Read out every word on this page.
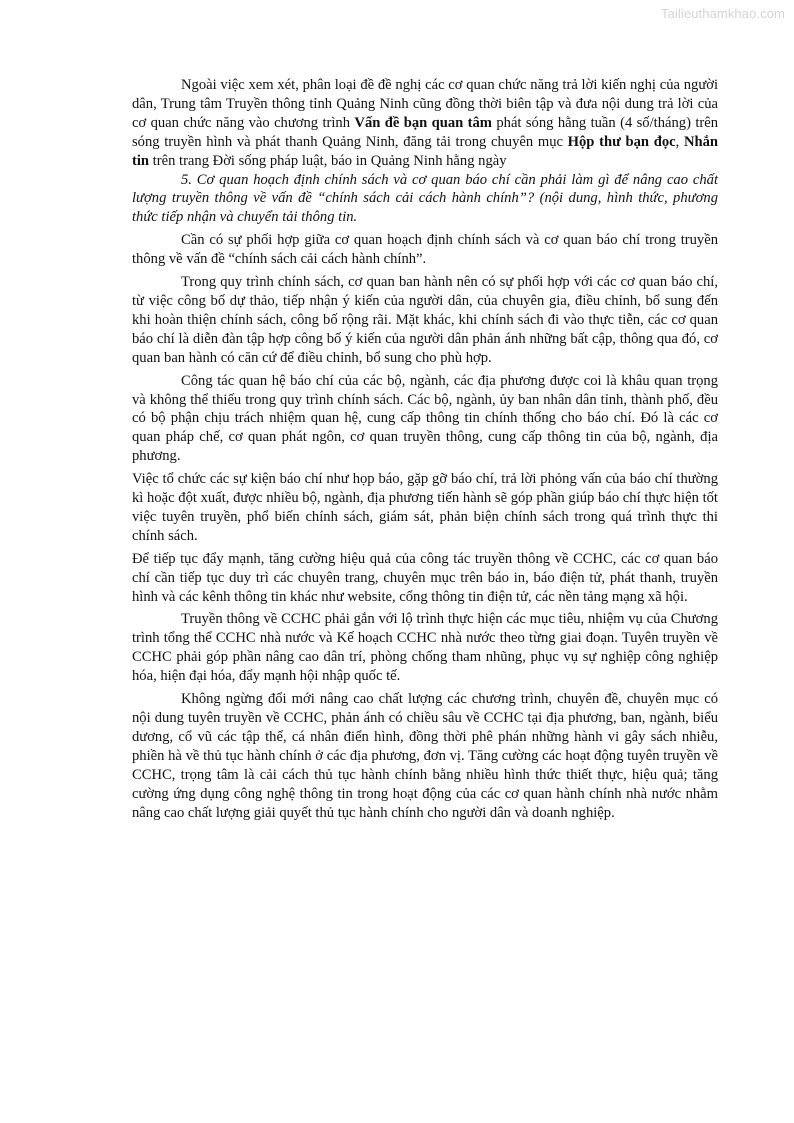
Tailieuthamkhao.com

Ngoài việc xem xét, phân loại đề đề nghị các cơ quan chức năng trả lời kiến nghị của người dân, Trung tâm Truyền thông tỉnh Quảng Ninh cũng đồng thời biên tập và đưa nội dung trả lời của cơ quan chức năng vào chương trình Vấn đề bạn quan tâm phát sóng hằng tuần (4 số/tháng) trên sóng truyền hình và phát thanh Quảng Ninh, đăng tải trong chuyên mục Hộp thư bạn đọc, Nhắn tin trên trang Đời sống pháp luật, báo in Quảng Ninh hằng ngày

5. Cơ quan hoạch định chính sách và cơ quan báo chí cần phải làm gì để nâng cao chất lượng truyền thông về vấn đề “chính sách cải cách hành chính”? (nội dung, hình thức, phương thức tiếp nhận và chuyển tải thông tin.

Cần có sự phối hợp giữa cơ quan hoạch định chính sách và cơ quan báo chí trong truyền thông về vấn đề “chính sách cải cách hành chính”.

Trong quy trình chính sách, cơ quan ban hành nên có sự phối hợp với các cơ quan báo chí, từ việc công bố dự thảo, tiếp nhận ý kiến của người dân, của chuyên gia, điều chỉnh, bổ sung đến khi hoàn thiện chính sách, công bố rộng rãi. Mặt khác, khi chính sách đi vào thực tiễn, các cơ quan báo chí là diễn đàn tập hợp công bố ý kiến của người dân phản ánh những bất cập, thông qua đó, cơ quan ban hành có căn cứ để điều chỉnh, bổ sung cho phù hợp.

Công tác quan hệ báo chí của các bộ, ngành, các địa phương được coi là khâu quan trọng và không thể thiếu trong quy trình chính sách. Các bộ, ngành, ủy ban nhân dân tỉnh, thành phố, đều có bộ phận chịu trách nhiệm quan hệ, cung cấp thông tin chính thống cho báo chí. Đó là các cơ quan pháp chế, cơ quan phát ngôn, cơ quan truyền thông, cung cấp thông tin của bộ, ngành, địa phương.

Việc tổ chức các sự kiện báo chí như họp báo, gặp gỡ báo chí, trả lời phỏng vấn của báo chí thường kì hoặc đột xuất, được nhiều bộ, ngành, địa phương tiến hành sẽ góp phần giúp báo chí thực hiện tốt việc tuyên truyền, phổ biến chính sách, giám sát, phản biện chính sách trong quá trình thực thi chính sách.

Để tiếp tục đẩy mạnh, tăng cường hiệu quả của công tác truyền thông về CCHC, các cơ quan báo chí cần tiếp tục duy trì các chuyên trang, chuyên mục trên báo in, báo điện tử, phát thanh, truyền hình và các kênh thông tin khác như website, cổng thông tin điện tử, các nền tảng mạng xã hội.

Truyền thông về CCHC phải gắn với lộ trình thực hiện các mục tiêu, nhiệm vụ của Chương trình tổng thể CCHC nhà nước và Kế hoạch CCHC nhà nước theo từng giai đoạn. Tuyên truyền về CCHC phải góp phần nâng cao dân trí, phòng chống tham nhũng, phục vụ sự nghiệp công nghiệp hóa, hiện đại hóa, đẩy mạnh hội nhập quốc tế.

Không ngừng đổi mới nâng cao chất lượng các chương trình, chuyên đề, chuyên mục có nội dung tuyên truyền về CCHC, phản ánh có chiều sâu về CCHC tại địa phương, ban, ngành, biểu dương, cổ vũ các tập thể, cá nhân điển hình, đồng thời phê phán những hành vi gây sách nhiễu, phiền hà về thủ tục hành chính ở các địa phương, đơn vị. Tăng cường các hoạt động tuyên truyền về CCHC, trọng tâm là cải cách thủ tục hành chính bằng nhiều hình thức thiết thực, hiệu quả; tăng cường ứng dụng công nghệ thông tin trong hoạt động của các cơ quan hành chính nhà nước nhằm nâng cao chất lượng giải quyết thủ tục hành chính cho người dân và doanh nghiệp.
